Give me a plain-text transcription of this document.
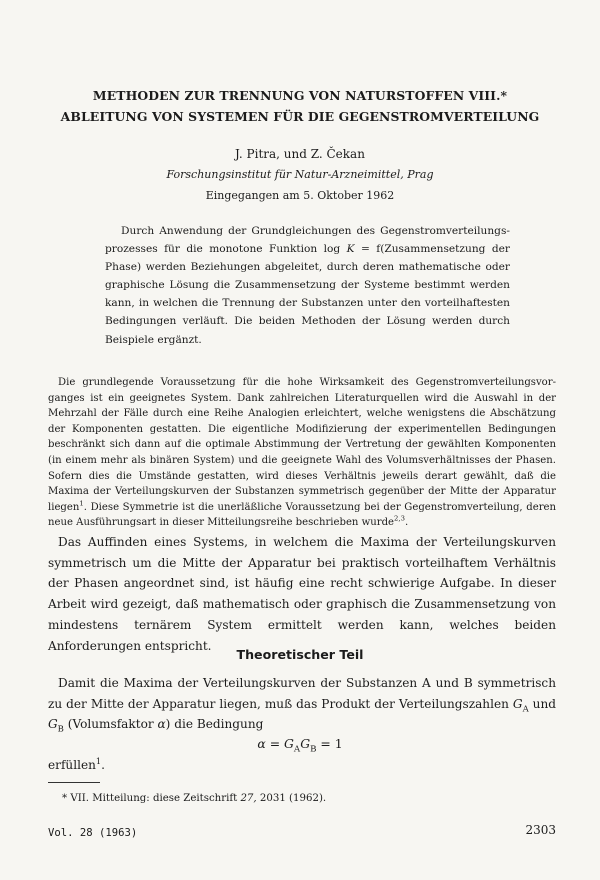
METHODEN ZUR TRENNUNG VON NATURSTOFFEN VIII.*
ABLEITUNG VON SYSTEMEN FÜR DIE GEGENSTROMVERTEILUNG

J. Pitra, und Z. Čekan

Forschungsinstitut für Natur-Arzneimittel, Prag

Eingegangen am 5. Oktober 1962

Durch Anwendung der Grundgleichungen des Gegenstromverteilungsprozesses für die monotone Funktion log K = f(Zusammensetzung der Phase) werden Beziehungen abgeleitet, durch deren mathematische oder graphische Lösung die Zusammensetzung der Systeme bestimmt werden kann, in welchen die Trennung der Substanzen unter den vorteilhaftesten Bedingungen verläuft. Die beiden Methoden der Lösung werden durch Beispiele ergänzt.

Die grundlegende Voraussetzung für die hohe Wirksamkeit des Gegenstromverteilungsvorganges ist ein geeignetes System. Dank zahlreichen Literaturquellen wird die Auswahl in der Mehrzahl der Fälle durch eine Reihe Analogien erleichtert, welche wenigstens die Abschätzung der Komponenten gestatten. Die eigentliche Modifizierung der experimentellen Bedingungen beschränkt sich dann auf die optimale Abstimmung der Vertretung der gewählten Komponenten (in einem mehr als binären System) und die geeignete Wahl des Volumsverhältnisses der Phasen. Sofern dies die Umstände gestatten, wird dieses Verhältnis jeweils derart gewählt, daß die Maxima der Verteilungskurven der Substanzen symmetrisch gegenüber der Mitte der Apparatur liegen$^1$. Diese Symmetrie ist die unerläßliche Voraussetzung bei der Gegenstromverteilung, deren neue Ausführungsart in dieser Mitteilungsreihe beschrieben wurde$^{2,3}$.

Das Auffinden eines Systems, in welchem die Maxima der Verteilungskurven symmetrisch um die Mitte der Apparatur bei praktisch vorteilhaftem Verhältnis der Phasen angeordnet sind, ist häufig eine recht schwierige Aufgabe. In dieser Arbeit wird gezeigt, daß mathematisch oder graphisch die Zusammensetzung von mindestens ternärem System ermittelt werden kann, welches beiden Anforderungen entspricht.

Theoretischer Teil

Damit die Maxima der Verteilungskurven der Substanzen A und B symmetrisch zu der Mitte der Apparatur liegen, muß das Produkt der Verteilungszahlen $G_A$ und $G_B$ (Volumsfaktor α) die Bedingung

$\alpha = G_AG_B = 1$

erfüllen$^1$.

* VII. Mitteilung: diese Zeitschrift 27, 2031 (1962).

Vol. 28 (1963)	2303
